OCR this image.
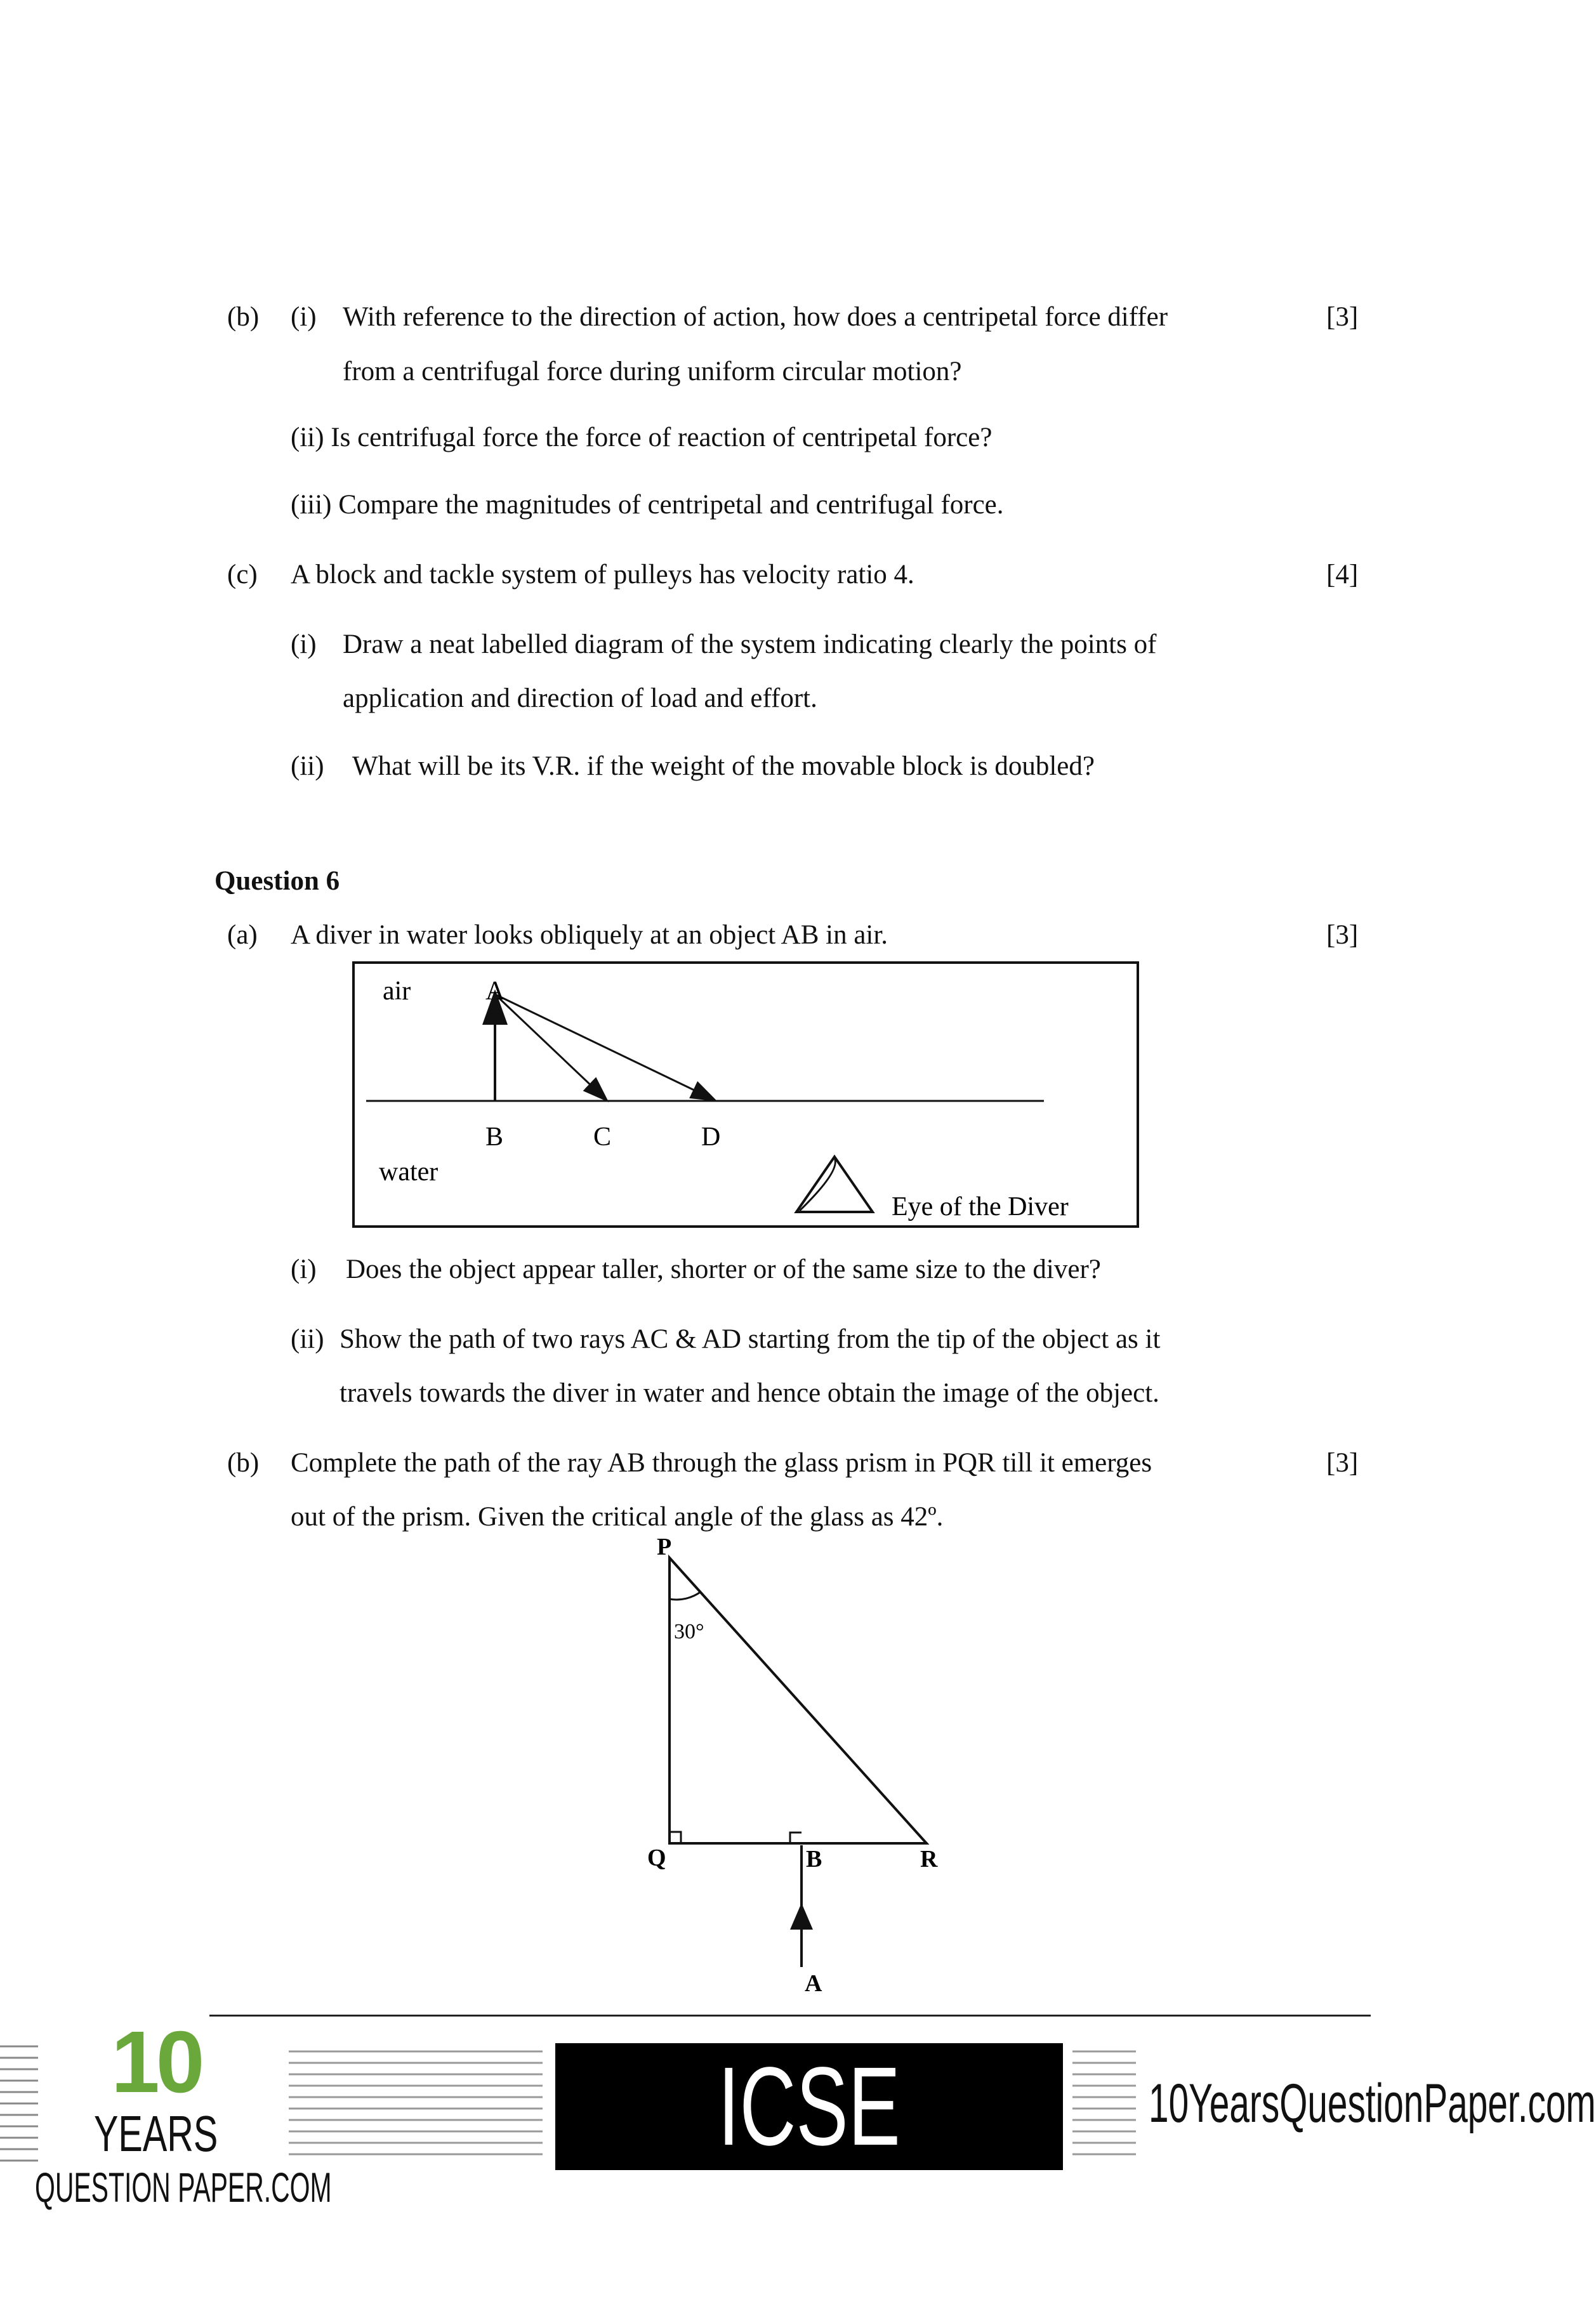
(b) (i) With reference to the direction of action, how does a centripetal force differ	[3]
from a centrifugal force during uniform circular motion?
(ii) Is centrifugal force the force of reaction of centripetal force?
(iii) Compare the magnitudes of centripetal and centrifugal force.
(c) A block and tackle system of pulleys has velocity ratio 4.	[4]
(i) Draw a neat labelled diagram of the system indicating clearly the points of
application and direction of load and effort.
(ii) What will be its V.R. if the weight of the movable block is doubled?
Question 6
(a) A diver in water looks obliquely at an object AB in air.	[3]
air	A
B	C	D
water
Eye of the Diver
(i) Does the object appear taller, shorter or of the same size to the diver?
(ii) Show the path of two rays AC & AD starting from the tip of the object as it
travels towards the diver in water and hence obtain the image of the object.
(b) Complete the path of the ray AB through the glass prism in PQR till it emerges	[3]
out of the prism. Given the critical angle of the glass as 42º.
P
30°
Q	B	R
A
10
YEARS
QUESTION PAPER.COM
ICSE BOARD X
10YearsQuestionPaper.com
